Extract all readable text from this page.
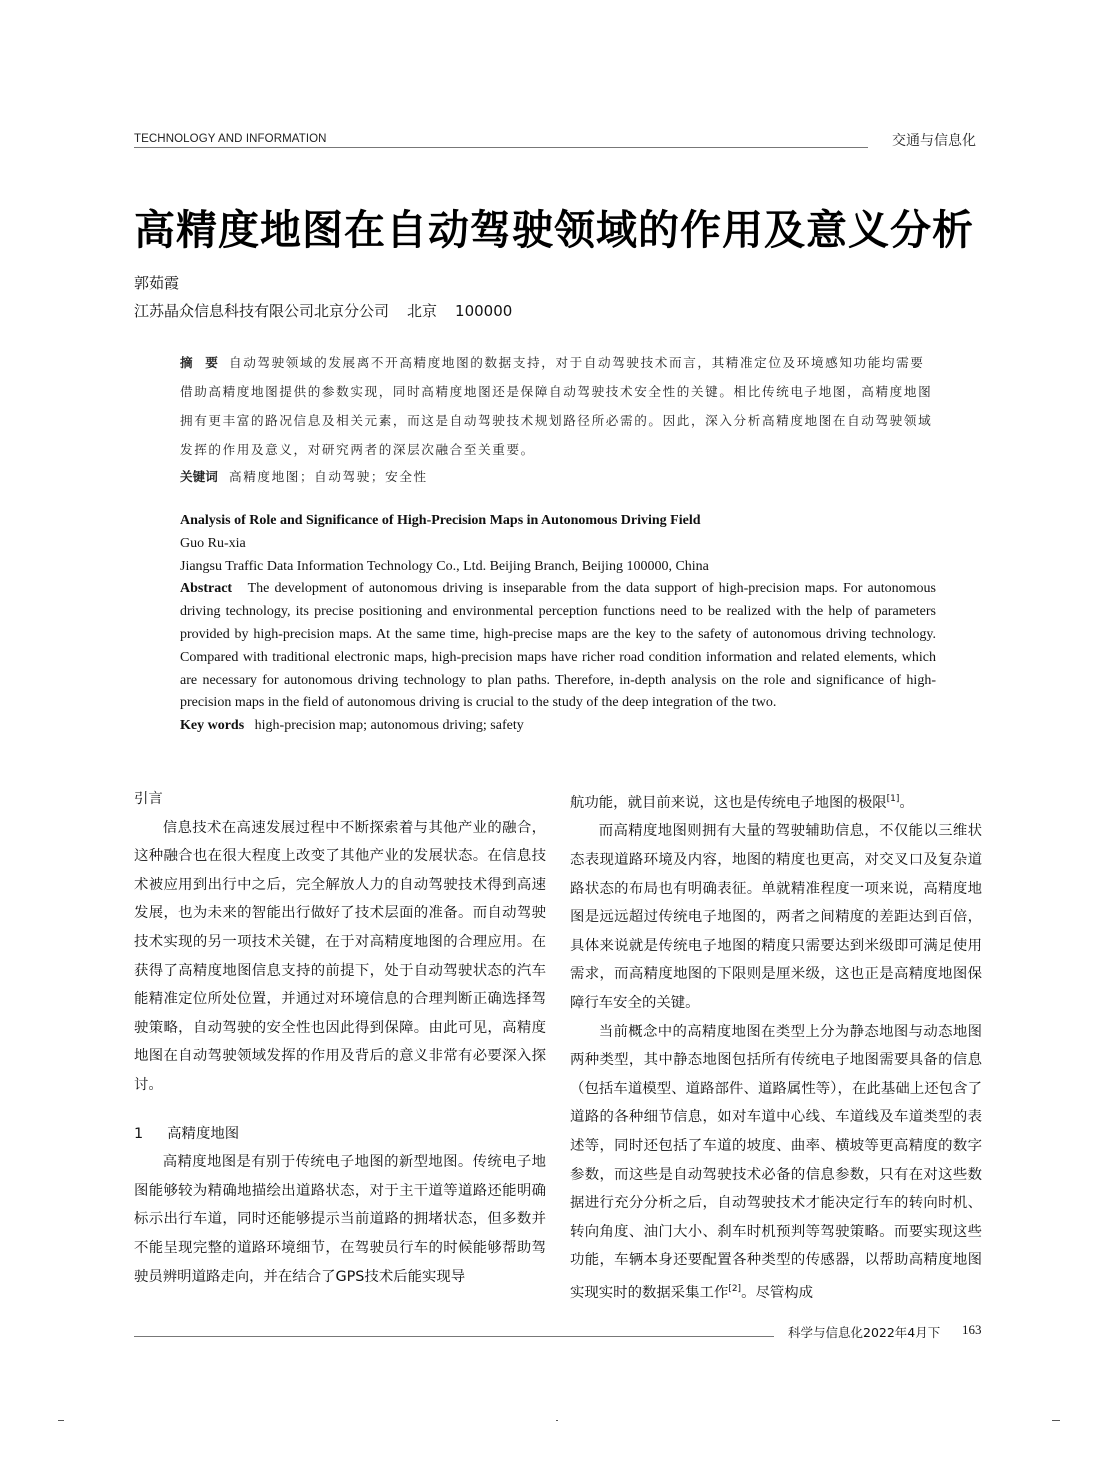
TECHNOLOGY AND INFORMATION	交通与信息化
高精度地图在自动驾驶领域的作用及意义分析
郭茹霞
江苏晶众信息科技有限公司北京分公司 北京 100000
摘　要 自动驾驶领域的发展离不开高精度地图的数据支持，对于自动驾驶技术而言，其精准定位及环境感知功能均需要借助高精度地图提供的参数实现，同时高精度地图还是保障自动驾驶技术安全性的关键。相比传统电子地图，高精度地图拥有更丰富的路况信息及相关元素，而这是自动驾驶技术规划路径所必需的。因此，深入分析高精度地图在自动驾驶领域发挥的作用及意义，对研究两者的深层次融合至关重要。
关键词 高精度地图；自动驾驶；安全性
Analysis of Role and Significance of High-Precision Maps in Autonomous Driving Field
Guo Ru-xia
Jiangsu Traffic Data Information Technology Co., Ltd. Beijing Branch, Beijing 100000, China
Abstract The development of autonomous driving is inseparable from the data support of high-precision maps. For autonomous driving technology, its precise positioning and environmental perception functions need to be realized with the help of parameters provided by high-precision maps. At the same time, high-precise maps are the key to the safety of autonomous driving technology. Compared with traditional electronic maps, high-precision maps have richer road condition information and related elements, which are necessary for autonomous driving technology to plan paths. Therefore, in-depth analysis on the role and significance of high-precision maps in the field of autonomous driving is crucial to the study of the deep integration of the two.
Key words high-precision map; autonomous driving; safety
引言

信息技术在高速发展过程中不断探索着与其他产业的融合，这种融合也在很大程度上改变了其他产业的发展状态。在信息技术被应用到出行中之后，完全解放人力的自动驾驶技术得到高速发展，也为未来的智能出行做好了技术层面的准备。而自动驾驶技术实现的另一项技术关键，在于对高精度地图的合理应用。在获得了高精度地图信息支持的前提下，处于自动驾驶状态的汽车能精准定位所处位置，并通过对环境信息的合理判断正确选择驾驶策略，自动驾驶的安全性也因此得到保障。由此可见，高精度地图在自动驾驶领域发挥的作用及背后的意义非常有必要深入探讨。

1 高精度地图

高精度地图是有别于传统电子地图的新型地图。传统电子地图能够较为精确地描绘出道路状态，对于主干道等道路还能明确标示出行车道，同时还能够提示当前道路的拥堵状态，但多数并不能呈现完整的道路环境细节，在驾驶员行车的时候能够帮助驾驶员辨明道路走向，并在结合了GPS技术后能实现导

航功能，就目前来说，这也是传统电子地图的极限[1]。

而高精度地图则拥有大量的驾驶辅助信息，不仅能以三维状态表现道路环境及内容，地图的精度也更高，对交叉口及复杂道路状态的布局也有明确表征。单就精准程度一项来说，高精度地图是远远超过传统电子地图的，两者之间精度的差距达到百倍，具体来说就是传统电子地图的精度只需要达到米级即可满足使用需求，而高精度地图的下限则是厘米级，这也正是高精度地图保障行车安全的关键。

当前概念中的高精度地图在类型上分为静态地图与动态地图两种类型，其中静态地图包括所有传统电子地图需要具备的信息（包括车道模型、道路部件、道路属性等），在此基础上还包含了道路的各种细节信息，如对车道中心线、车道线及车道类型的表述等，同时还包括了车道的坡度、曲率、横坡等更高精度的数字参数，而这些是自动驾驶技术必备的信息参数，只有在对这些数据进行充分分析之后，自动驾驶技术才能决定行车的转向时机、转向角度、油门大小、刹车时机预判等驾驶策略。而要实现这些功能，车辆本身还要配置各种类型的传感器，以帮助高精度地图实现实时的数据采集工作[2]。尽管构成

科学与信息化2022年4月下 163
